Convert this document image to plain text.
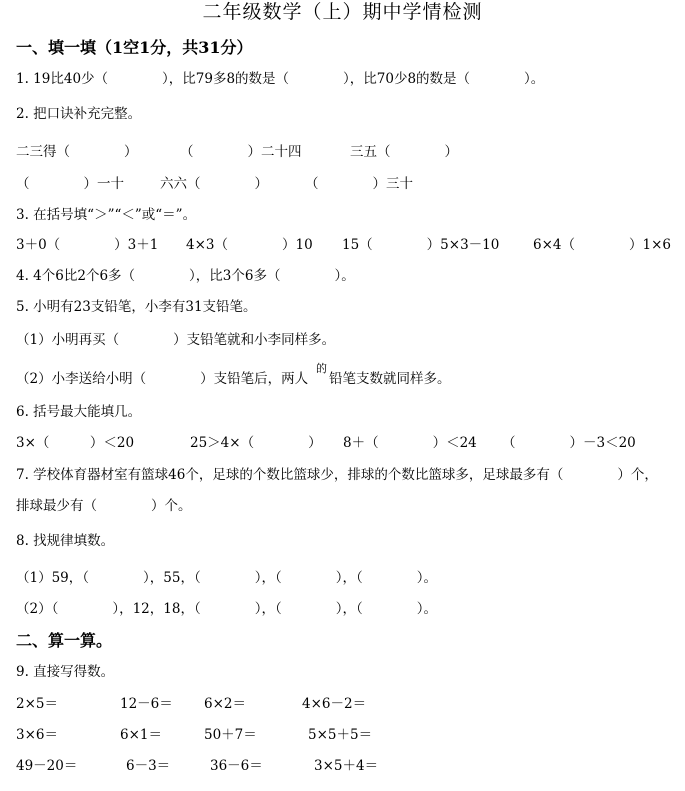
二年级数学（上）期中学情检测
一、填一填（1空1分，共31分）
1. 19比40少（　　　　），比79多8的数是（　　　　），比70少8的数是（　　　　）。
2. 把口诀补充完整。
二三得（　　　　）	（　　　　）二十四	三五（　　　　）
（　　　　）一十	六六（　　　　）	（　　　　）三十
3. 在括号填“＞”“＜”或“＝”。
3＋0（　　　　）3＋1 4×3（　　　　）10 15（　　　　）5×3－10 6×4（　　　　）1×6
4. 4个6比2个6多（　　　　），比3个6多（　　　　）。
5. 小明有23支铅笔，小李有31支铅笔。
（1）小明再买（　　　　）支铅笔就和小李同样多。
（2）小李送给小明（　　　　）支铅笔后，两人
的
铅笔支数就同样多。
6. 括号最大能填几。
3×（　　　）＜20	25＞4×（　　　　） 8＋（　　　　）＜24 （　　　　）－3＜20
7. 学校体育器材室有篮球46个，足球的个数比篮球少，排球的个数比篮球多，足球最多有（　　　　）个，
排球最少有（　　　　）个。
8. 找规律填数。
（1）59，（　　　　），55，（　　　　），（　　　　），（　　　　）。
（2）（　　　　），12，18，（　　　　），（　　　　），（　　　　）。
二、算一算。
9. 直接写得数。
2×5＝	12－6＝ 6×2＝	4×6－2＝
3×6＝	6×1＝	50＋7＝	5×5＋5＝
49－20＝	6－3＝	36－6＝	3×5＋4＝
